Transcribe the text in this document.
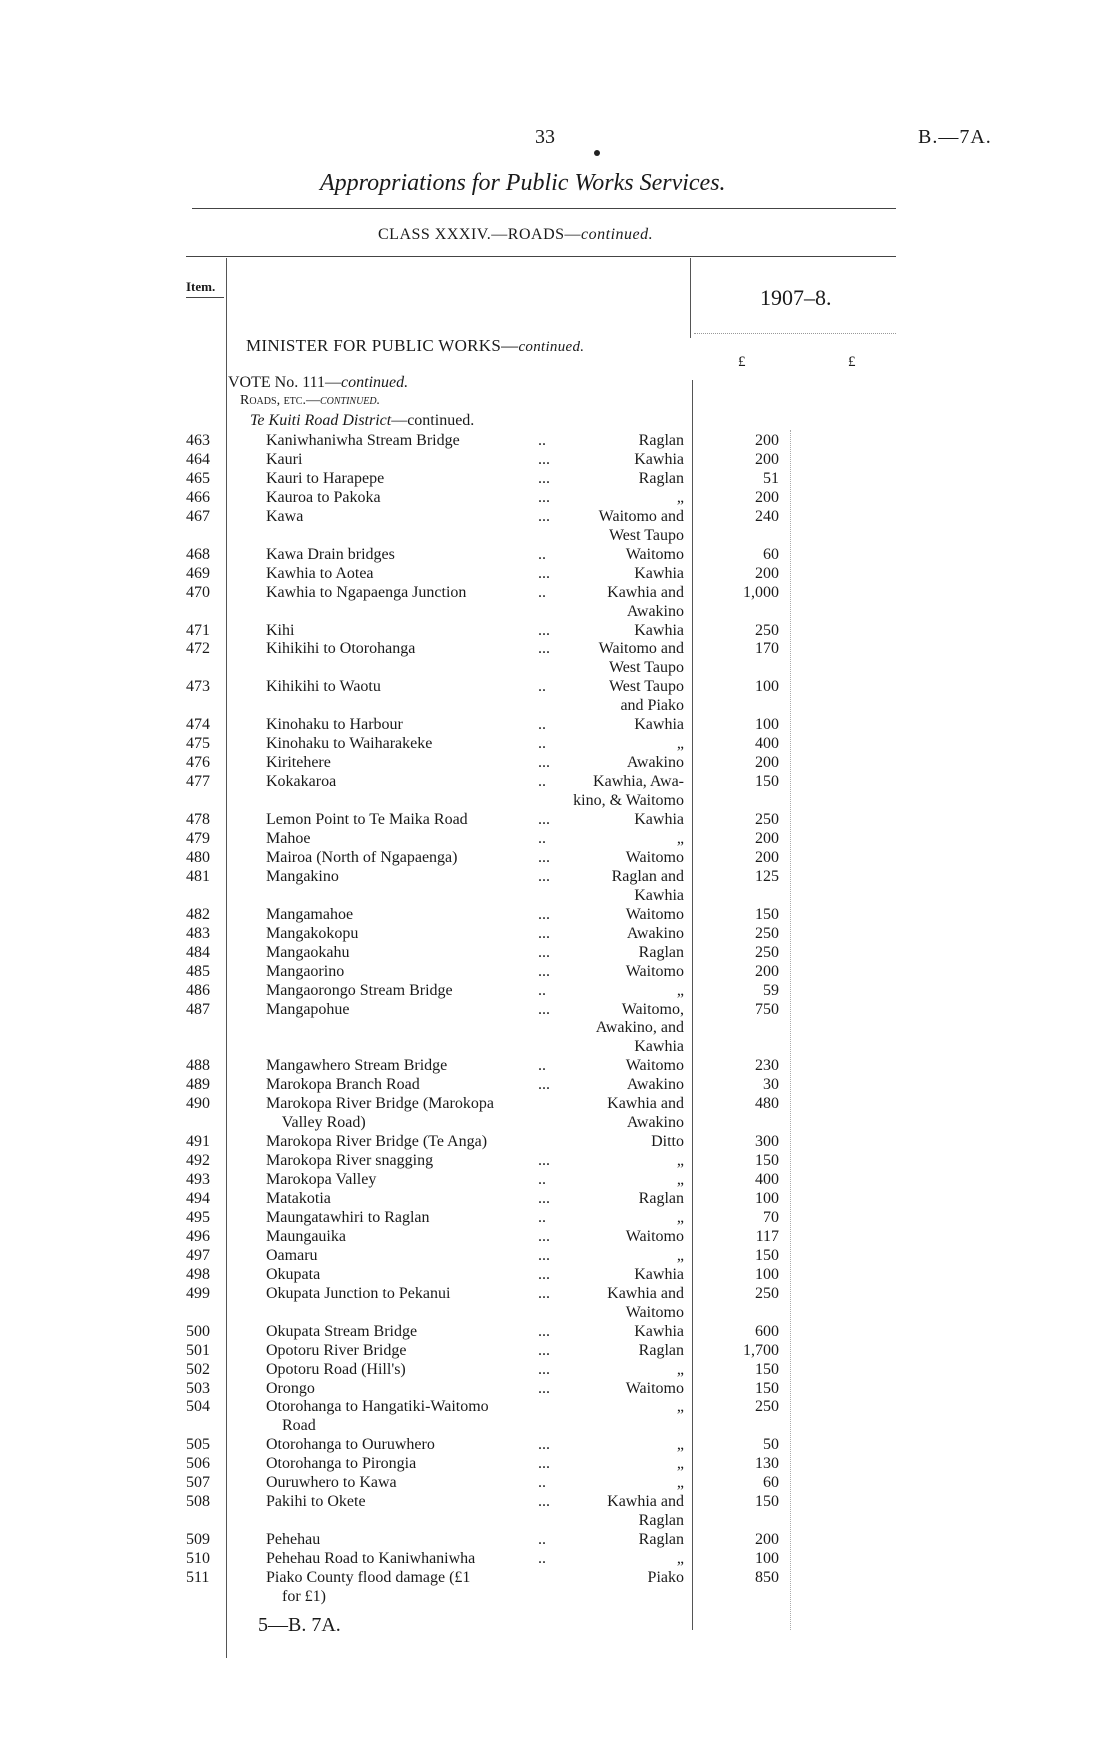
33	B.—7A.
Appropriations for Public Works Services.
CLASS XXXIV.—ROADS—continued.
Item.	1907–8.
MINISTER FOR PUBLIC WORKS—continued.
£	£
VOTE No. 111—continued.
Roads, etc.—continued.
Te Kuiti Road District—continued.
463	Kaniwhaniwha Stream Bridge	..	Raglan	200
464	Kauri	...	Kawhia	200
465	Kauri to Harapepe	...	Raglan	51
466	Kauroa to Pakoka	...	„	200
467	Kawa	...	Waitomo and	240
West Taupo
468	Kawa Drain bridges	..	Waitomo	60
469	Kawhia to Aotea	...	Kawhia	200
470	Kawhia to Ngapaenga Junction	..	Kawhia and	1,000
Awakino
471	Kihi	...	Kawhia	250
472	Kihikihi to Otorohanga	...	Waitomo and	170
West Taupo
473	Kihikihi to Waotu	..	West Taupo	100
and Piako
474	Kinohaku to Harbour	..	Kawhia	100
475	Kinohaku to Waiharakeke	..	„	400
476	Kiritehere	...	Awakino	200
477	Kokakaroa	..	Kawhia, Awa-	150
kino, & Waitomo
478	Lemon Point to Te Maika Road	...	Kawhia	250
479	Mahoe	..	„	200
480	Mairoa (North of Ngapaenga)	...	Waitomo	200
481	Mangakino	...	Raglan and	125
Kawhia
482	Mangamahoe	...	Waitomo	150
483	Mangakokopu	...	Awakino	250
484	Mangaokahu	...	Raglan	250
485	Mangaorino	...	Waitomo	200
486	Mangaorongo Stream Bridge	..	„	59
487	Mangapohue	...	Waitomo,	750
Awakino, and
Kawhia
488	Mangawhero Stream Bridge	..	Waitomo	230
489	Marokopa Branch Road	...	Awakino	30
490	Marokopa River Bridge (Marokopa	Kawhia and	480
Valley Road)	Awakino
491	Marokopa River Bridge (Te Anga)	Ditto	300
492	Marokopa River snagging	...	„	150
493	Marokopa Valley	..	„	400
494	Matakotia	...	Raglan	100
495	Maungatawhiri to Raglan	..	„	70
496	Maungauika	...	Waitomo	117
497	Oamaru	...	„	150
498	Okupata	...	Kawhia	100
499	Okupata Junction to Pekanui	...	Kawhia and	250
Waitomo
500	Okupata Stream Bridge	...	Kawhia	600
501	Opotoru River Bridge	...	Raglan	1,700
502	Opotoru Road (Hill's)	...	„	150
503	Orongo	...	Waitomo	150
504	Otorohanga to Hangatiki-Waitomo	„	250
Road
505	Otorohanga to Ouruwhero	...	„	50
506	Otorohanga to Pirongia	...	„	130
507	Ouruwhero to Kawa	..	„	60
508	Pakihi to Okete	...	Kawhia and	150
Raglan
509	Pehehau	..	Raglan	200
510	Pehehau Road to Kaniwhaniwha	..	„	100
511	Piako County flood damage (£1	Piako	850
for £1)
5—B. 7A.
